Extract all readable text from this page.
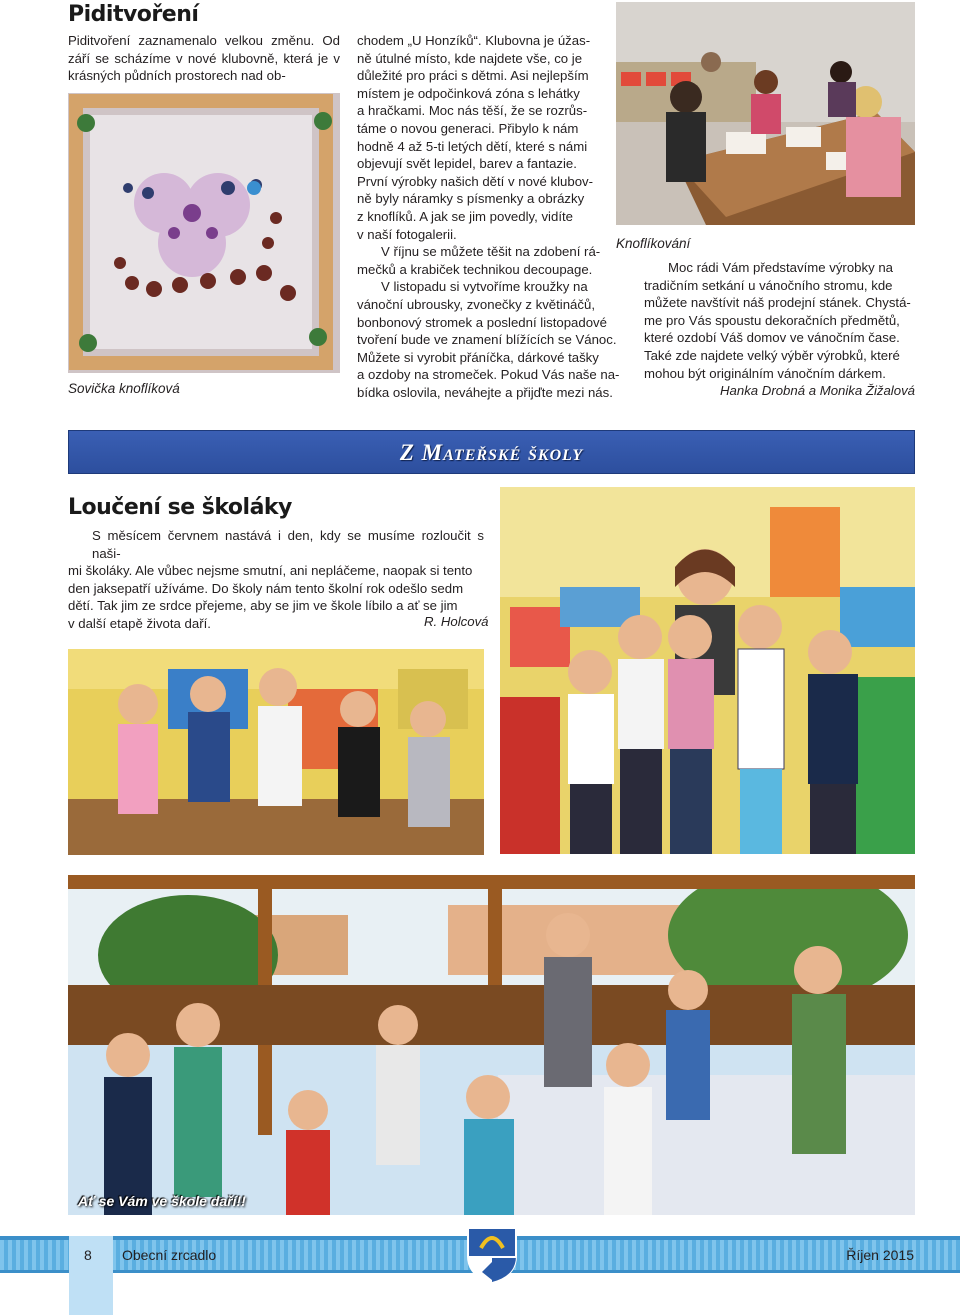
Piditvoření
Piditvoření zaznamenalo velkou změnu. Od září se scházíme v nové klubovně, která je v krásných půdních prostorech nad ob-
Sovička knoflíková
chodem „U Honzíků“. Klubovna je úžas-
ně útulné místo, kde najdete vše, co je
důležité pro práci s dětmi. Asi nejlepším
místem je odpočinková zóna s lehátky
a hračkami. Moc nás těší, že se rozrůs-
táme o novou generaci. Přibylo k nám
hodně 4 až 5-ti letých dětí, které s námi
objevují svět lepidel, barev a fantazie.
První výrobky našich dětí v nové klubov-
ně byly náramky s písmenky a obrázky
z knoflíků. A jak se jim povedly, vidíte
v naší fotogalerii.
V říjnu se můžete těšit na zdobení rá-
mečků a krabiček technikou decoupage.
V listopadu si vytvoříme kroužky na
vánoční ubrousky, zvonečky z květináčů,
bonbonový stromek a poslední listopadové
tvoření bude ve znamení blížících se Vánoc.
Můžete si vyrobit přáníčka, dárkové tašky
a ozdoby na stromeček. Pokud Vás naše na-
bídka oslovila, neváhejte a přijďte mezi nás.
Knoflíkování
Moc rádi Vám představíme výrobky na
tradičním setkání u vánočního stromu, kde
můžete navštívit náš prodejní stánek. Chystá-
me pro Vás spoustu dekoračních předmětů,
které ozdobí Váš domov ve vánočním čase.
Také zde najdete velký výběr výrobků, které
mohou být originálním vánočním dárkem.
Hanka Drobná a Monika Žižalová
Z Mateřské školy
Loučení se školáky
S měsícem červnem nastává i den, kdy se musíme rozloučit s naši-
mi školáky. Ale vůbec nejsme smutní, ani nepláčeme, naopak si tento
den jaksepatří užíváme. Do školy nám tento školní rok odešlo sedm
dětí. Tak jim ze srdce přejeme, aby se jim ve škole líbilo a ať se jim
v další etapě života daří.	R. Holcová
Ať se Vám ve škole daří!!
8 Obecní zrcadlo	Říjen 2015
